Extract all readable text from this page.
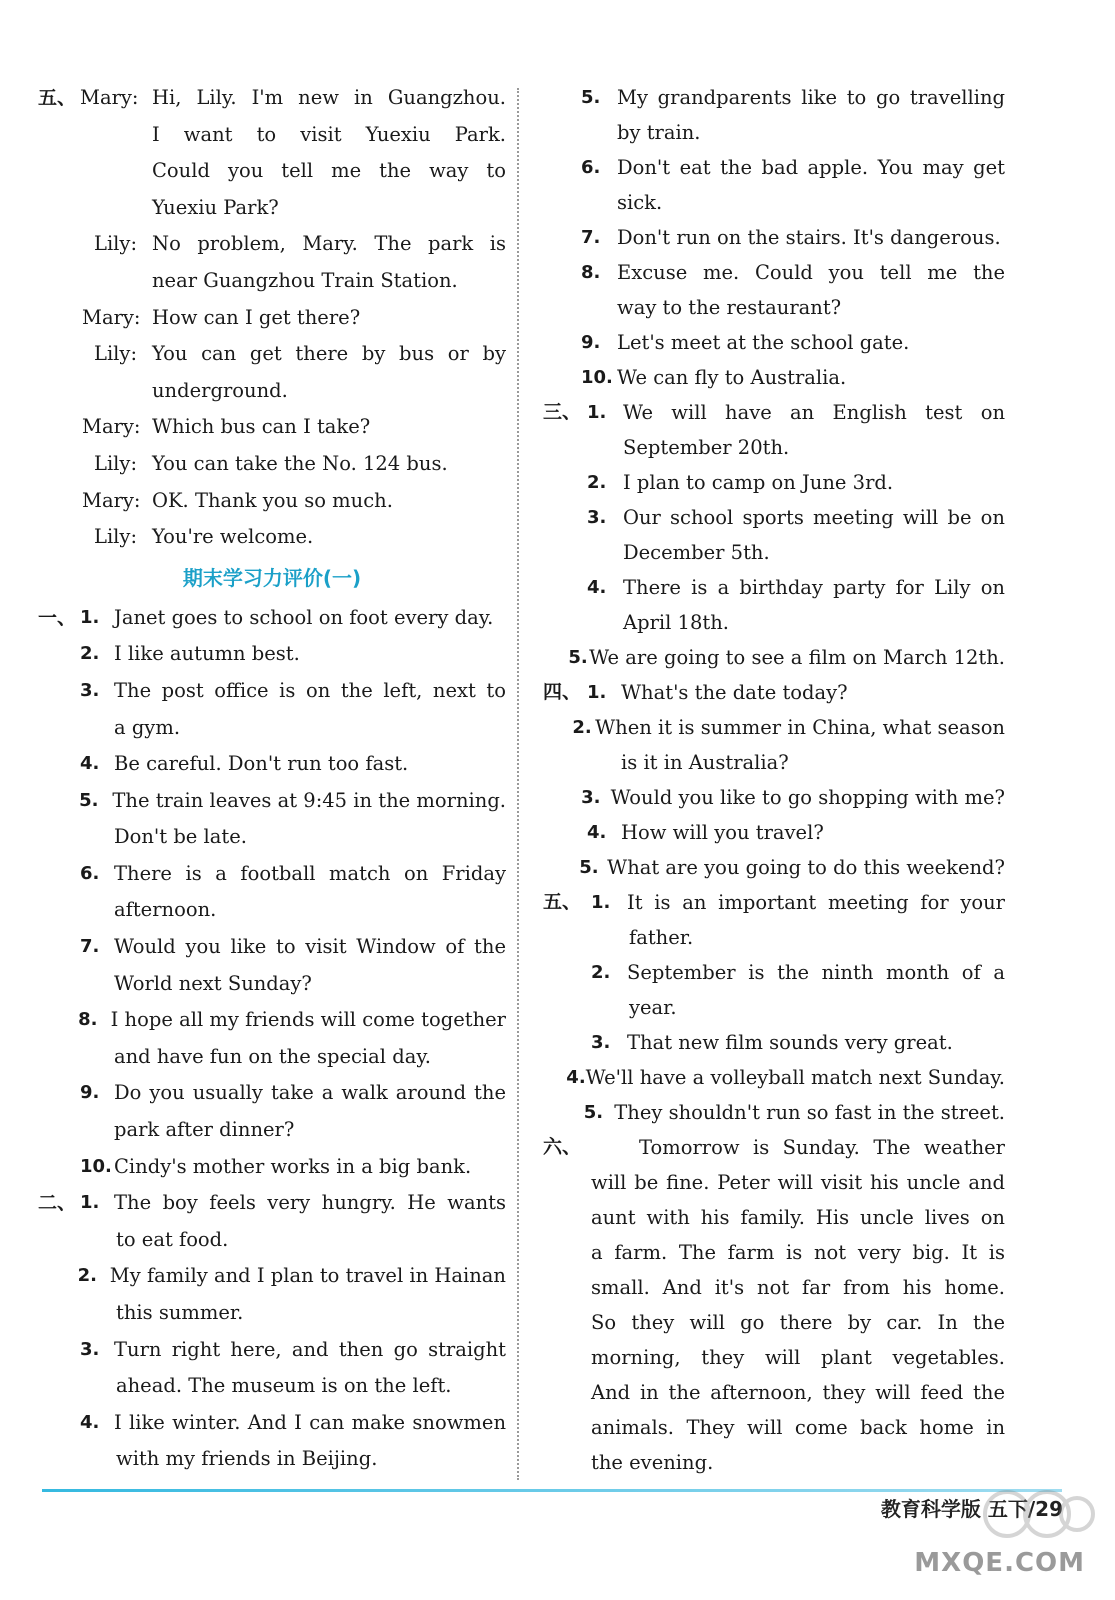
五、 Mary: Hi, Lily. I'm new in Guangzhou.
I want to visit Yuexiu Park.
Could you tell me the way to
Yuexiu Park?
Lily: No problem, Mary. The park is
near Guangzhou Train Station.
Mary: How can I get there?
Lily: You can get there by bus or by
underground.
Mary: Which bus can I take?
Lily: You can take the No. 124 bus.
Mary: OK. Thank you so much.
Lily: You're welcome.
期末学习力评价(一)
一、 1. Janet goes to school on foot every day.
2. I like autumn best.
3. The post office is on the left, next to
a gym.
4. Be careful. Don't run too fast.
5. The train leaves at 9:45 in the morning.
Don't be late.
6. There is a football match on Friday
afternoon.
7. Would you like to visit Window of the
World next Sunday?
8. I hope all my friends will come together
and have fun on the special day.
9. Do you usually take a walk around the
park after dinner?
10. Cindy's mother works in a big bank.
二、 1. The boy feels very hungry. He wants
to eat food.
2. My family and I plan to travel in Hainan
this summer.
3. Turn right here, and then go straight
ahead. The museum is on the left.
4. I like winter. And I can make snowmen
with my friends in Beijing.
5. My grandparents like to go travelling
by train.
6. Don't eat the bad apple. You may get
sick.
7. Don't run on the stairs. It's dangerous.
8. Excuse me. Could you tell me the
way to the restaurant?
9. Let's meet at the school gate.
10. We can fly to Australia.
三、 1. We will have an English test on
September 20th.
2. I plan to camp on June 3rd.
3. Our school sports meeting will be on
December 5th.
4. There is a birthday party for Lily on
April 18th.
5. We are going to see a film on March 12th.
四、 1. What's the date today?
2. When it is summer in China, what season
is it in Australia?
3. Would you like to go shopping with me?
4. How will you travel?
5. What are you going to do this weekend?
五、 1. It is an important meeting for your
father.
2. September is the ninth month of a
year.
3. That new film sounds very great.
4. We'll have a volleyball match next Sunday.
5. They shouldn't run so fast in the street.
六、	Tomorrow is Sunday. The weather
will be fine. Peter will visit his uncle and
aunt with his family. His uncle lives on
a farm. The farm is not very big. It is
small. And it's not far from his home.
So they will go there by car. In the
morning, they will plant vegetables.
And in the afternoon, they will feed the
animals. They will come back home in
the evening.
教育科学版 五下/29
MXQE.COM
